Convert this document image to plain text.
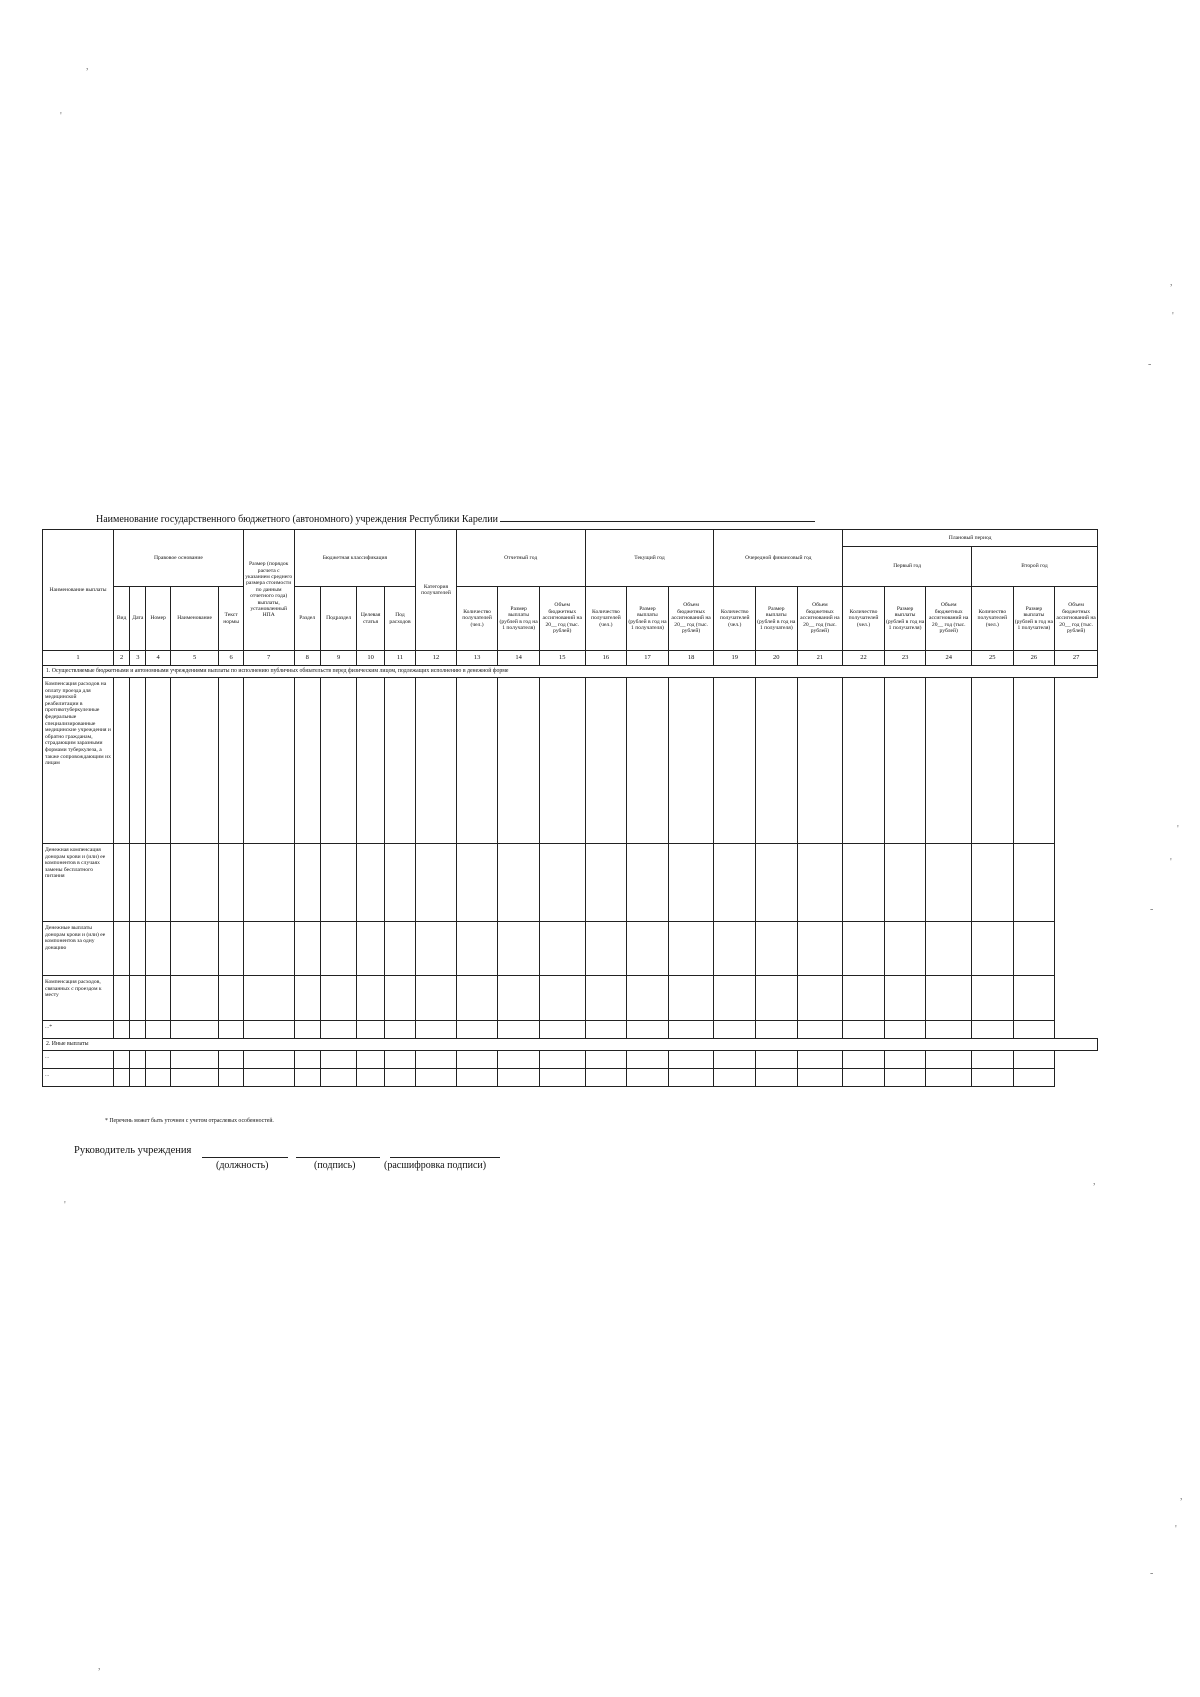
,
'
,
'
-
'
'
-
,
'
,
'
-
,
Наименование государственного бюджетного (автономного) учреждения Республики Карелии
Наименование выплаты	Правовое основание					Размер (порядок расчета с указанием среднего размера стоимости по данным отчетного года) выплаты, установленный НПА	Бюджетная классификация				Категория получателей	Отчетный год			Текущий год			Очередной финансовый год			Плановый период					
																					Первый год			Второй год		
	Вид	Дата	Номер	Наименование	Текст нормы		Раздел	Подраздел	Целевая статья	Под расходов		Количество получателей (чел.)	Размер выплаты (рублей в год на 1 получателя)	Объем бюджетных ассигнований на 20__ год (тыс. рублей)	Количество получателей (чел.)	Размер выплаты (рублей в год на 1 получателя)	Объем бюджетных ассигнований на 20__ год (тыс. рублей)	Количество получателей (чел.)	Размер выплаты (рублей в год на 1 получателя)	Объем бюджетных ассигнований на 20__ год (тыс. рублей)	Количество получателей (чел.)	Размер выплаты (рублей в год на 1 получателя)	Объем бюджетных ассигнований на 20__ год (тыс. рублей)	Количество получателей (чел.)	Размер выплаты (рублей в год на 1 получателя)	Объем бюджетных ассигнований на 20__ год (тыс. рублей)
1	2	3	4	5	6	7	8	9	10	11	12	13	14	15	16	17	18	19	20	21	22	23	24	25	26	27
1. Осуществляемые бюджетными и автономными учреждениями выплаты по исполнению публичных обязательств перед физическим лицом, подлежащих исполнению в денежной форме																										
Компенсация расходов на оплату проезда для медицинской реабилитации в противотуберкулезные федеральные специализированные медицинские учреждения и обратно гражданам, страдающим заразными формами туберкулеза, а также сопровождающим их лицам																										
Денежная компенсация донорам крови и (или) ее компонентов в случаях замены бесплатного питания																										
Денежные выплаты донорам крови и (или) ее компонентов за одну донацию																										
Компенсация расходов, связанных с проездом к месту																										
...*																										
2. Иные выплаты																										
...																										
...																										
* Перечень может быть уточнен с учетом отраслевых особенностей.
Руководитель учреждения
(должность)	(подпись)	(расшифровка подписи)
